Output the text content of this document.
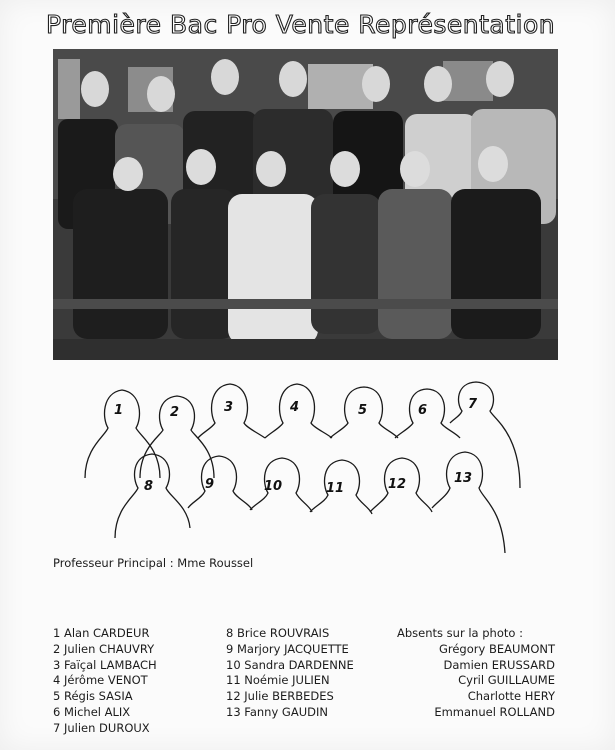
Première Bac Pro Vente Représentation
1	2	3	4	5	6	7
8	9	10	11	12	13
Professeur Principal : Mme Roussel
1 Alan CARDEUR
2 Julien CHAUVRY
3 Faïçal LAMBACH
4 Jérôme VENOT
5 Régis SASIA
6 Michel ALIX
7 Julien DUROUX
8 Brice ROUVRAIS
9 Marjory JACQUETTE
10 Sandra DARDENNE
11 Noémie JULIEN
12 Julie BERBEDES
13 Fanny GAUDIN
Absents sur la photo :
Grégory BEAUMONT
Damien ERUSSARD
Cyril GUILLAUME
Charlotte HERY
Emmanuel ROLLAND
